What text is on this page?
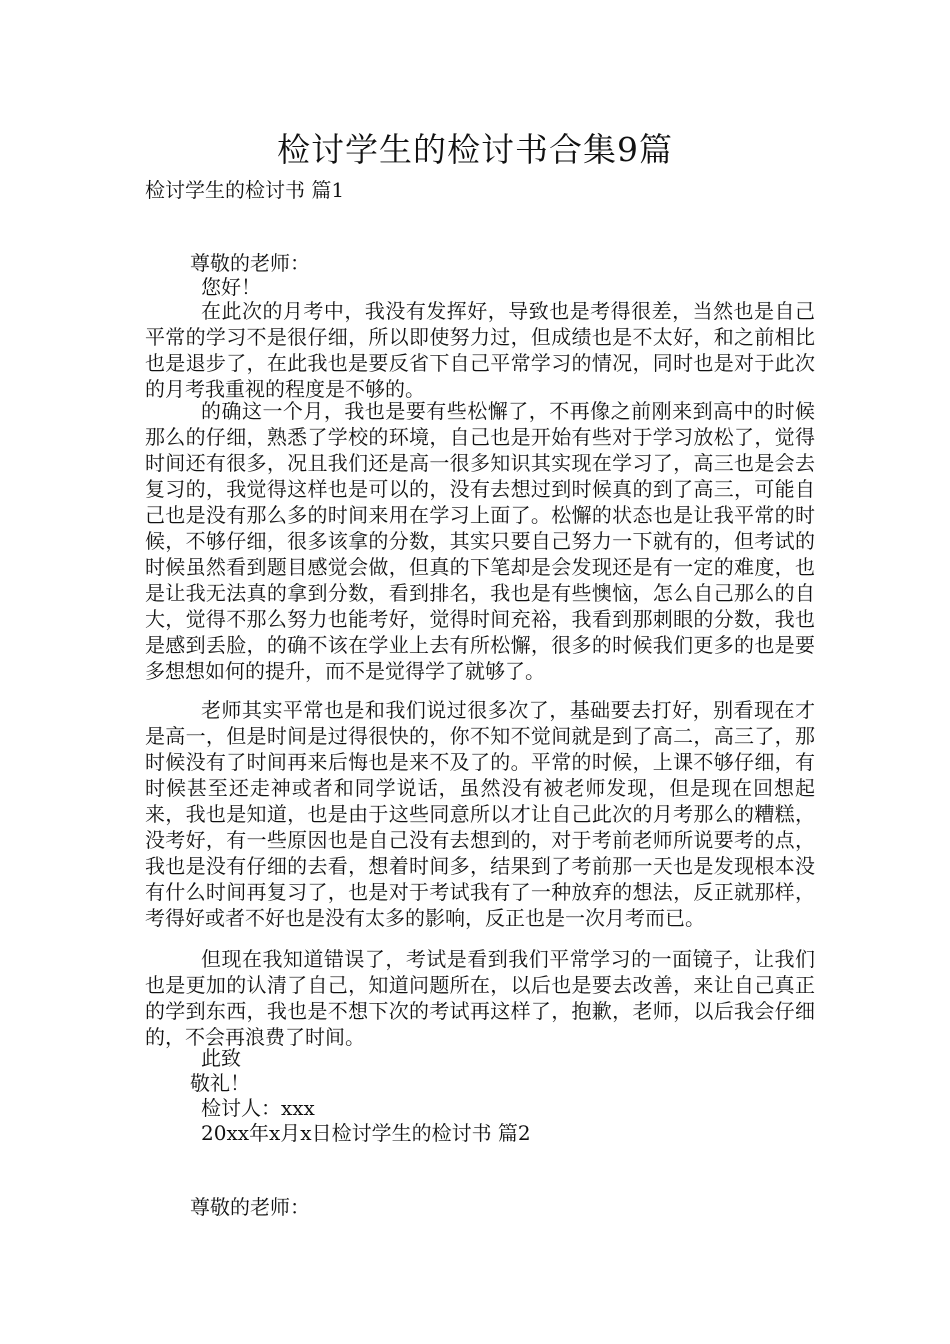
检讨学生的检讨书合集9篇
检讨学生的检讨书 篇1
尊敬的老师：
您好！
在此次的月考中，我没有发挥好，导致也是考得很差，当然也是自己平常的学习不是很仔细，所以即使努力过，但成绩也是不太好，和之前相比也是退步了，在此我也是要反省下自己平常学习的情况，同时也是对于此次的月考我重视的程度是不够的。
的确这一个月，我也是要有些松懈了，不再像之前刚来到高中的时候那么的仔细，熟悉了学校的环境，自己也是开始有些对于学习放松了，觉得时间还有很多，况且我们还是高一很多知识其实现在学习了，高三也是会去复习的，我觉得这样也是可以的，没有去想过到时候真的到了高三，可能自己也是没有那么多的时间来用在学习上面了。松懈的状态也是让我平常的时候，不够仔细，很多该拿的分数，其实只要自己努力一下就有的，但考试的时候虽然看到题目感觉会做，但真的下笔却是会发现还是有一定的难度，也是让我无法真的拿到分数，看到排名，我也是有些懊恼，怎么自己那么的自大，觉得不那么努力也能考好，觉得时间充裕，我看到那刺眼的分数，我也是感到丢脸，的确不该在学业上去有所松懈，很多的时候我们更多的也是要多想想如何的提升，而不是觉得学了就够了。
老师其实平常也是和我们说过很多次了，基础要去打好，别看现在才是高一，但是时间是过得很快的，你不知不觉间就是到了高二，高三了，那时候没有了时间再来后悔也是来不及了的。平常的时候，上课不够仔细，有时候甚至还走神或者和同学说话，虽然没有被老师发现，但是现在回想起来，我也是知道，也是由于这些同意所以才让自己此次的月考那么的糟糕，没考好，有一些原因也是自己没有去想到的，对于考前老师所说要考的点，我也是没有仔细的去看，想着时间多，结果到了考前那一天也是发现根本没有什么时间再复习了，也是对于考试我有了一种放弃的想法，反正就那样，考得好或者不好也是没有太多的影响，反正也是一次月考而已。
但现在我知道错误了，考试是看到我们平常学习的一面镜子，让我们也是更加的认清了自己，知道问题所在，以后也是要去改善，来让自己真正的学到东西，我也是不想下次的考试再这样了，抱歉，老师，以后我会仔细的，不会再浪费了时间。
此致
敬礼！
检讨人：xxx
20xx年x月x日检讨学生的检讨书 篇2
尊敬的老师：
